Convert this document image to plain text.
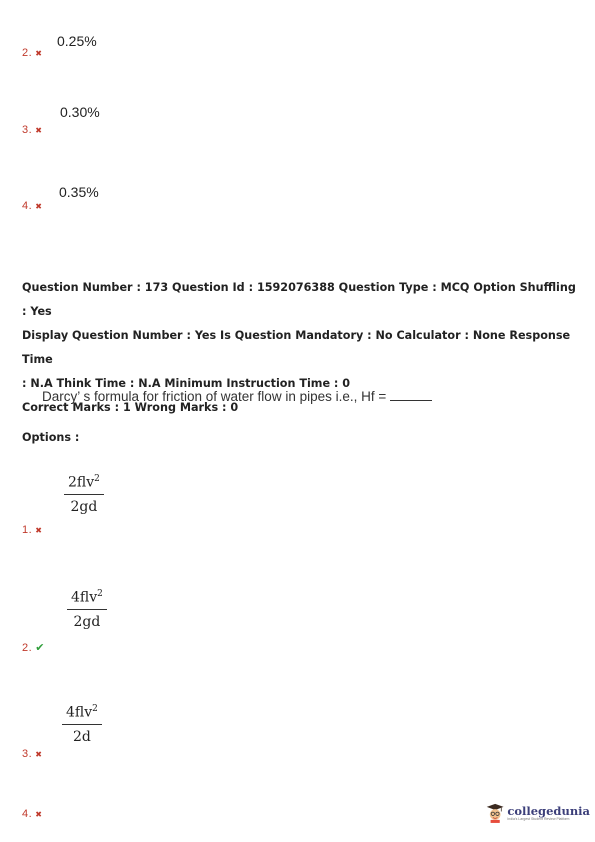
0.25%
2. ✖
0.30%
3. ✖
0.35%
4. ✖
Question Number : 173 Question Id : 1592076388 Question Type : MCQ Option Shuffling : Yes
Display Question Number : Yes Is Question Mandatory : No Calculator : None Response Time
: N.A Think Time : N.A Minimum Instruction Time : 0
Correct Marks : 1 Wrong Marks : 0
Darcy’ s formula for friction of water flow in pipes i.e., Hf =
Options :
2flv$^2$
2gd
1. ✖
4flv$^2$
2gd
2. ✔
4flv$^2$
2d
3. ✖
4. ✖	collegedunia
India's Largest Student Review Platform
